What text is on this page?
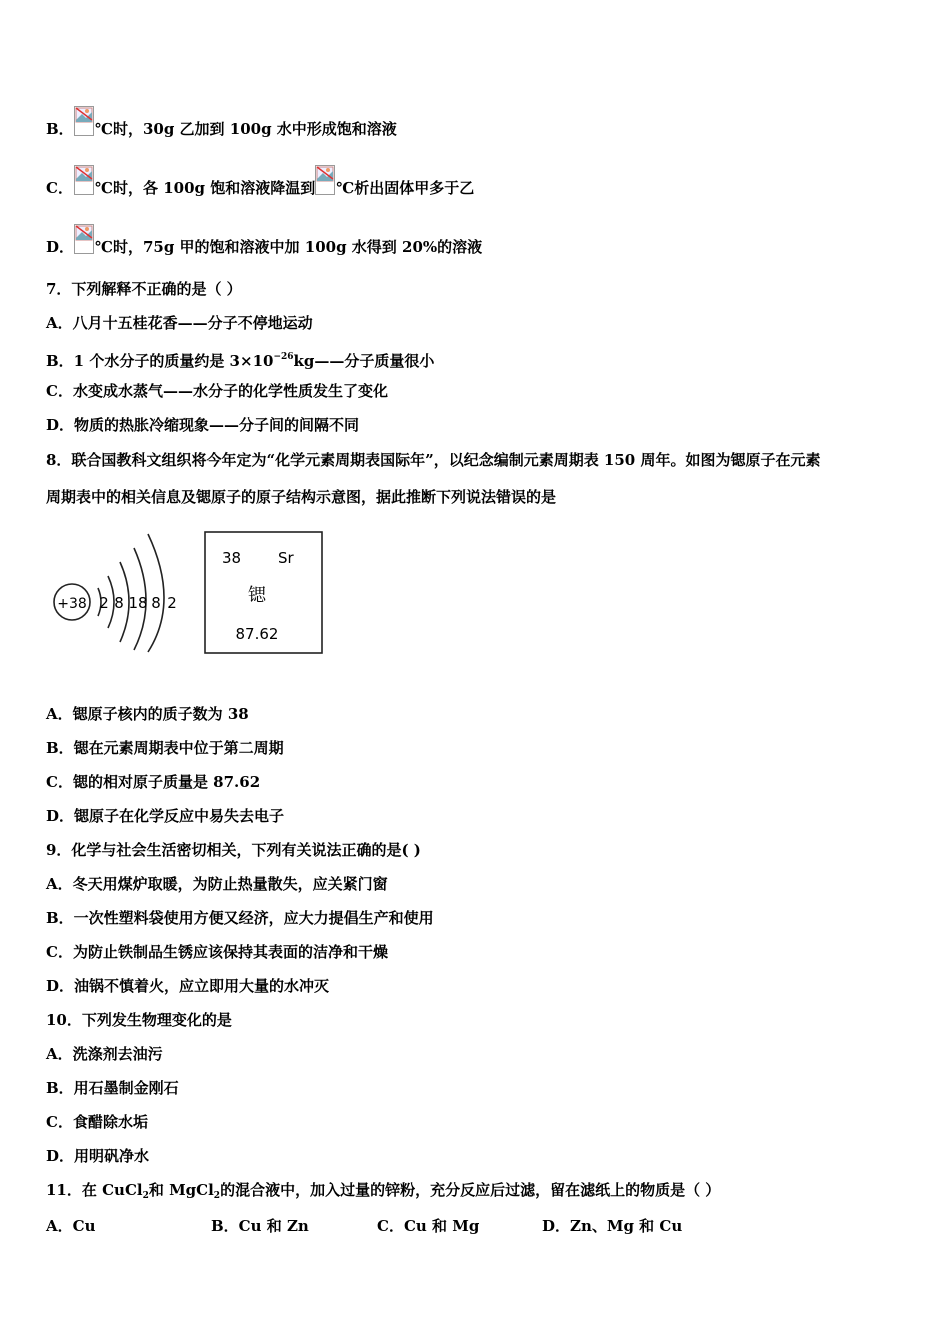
B． ℃时，30g 乙加到 100g 水中形成饱和溶液
C． ℃时，各 100g 饱和溶液降温到 ℃析出固体甲多于乙
D． ℃时，75g 甲的饱和溶液中加 100g 水得到 20%的溶液
7．下列解释不正确的是（ ）
A．八月十五桂花香——分子不停地运动
B．1 个水分子的质量约是 $3\times 10^{-26}kg——$分子质量很小
C．水变成水蒸气——水分子的化学性质发生了变化
D．物质的热胀冷缩现象——分子间的间隔不同
8．联合国教科文组织将今年定为“化学元素周期表国际年”，以纪念编制元素周期表 150 周年。如图为锶原子在元素
周期表中的相关信息及锶原子的原子结构示意图，据此推断下列说法错误的是
+38 2 8 18 8 2
38 Sr
锶
87.62
A．锶原子核内的质子数为 38
B．锶在元素周期表中位于第二周期
C．锶的相对原子质量是 87.62
D．锶原子在化学反应中易失去电子
9．化学与社会生活密切相关，下列有关说法正确的是( )
A．冬天用煤炉取暖，为防止热量散失，应关紧门窗
B．一次性塑料袋使用方便又经济，应大力提倡生产和使用
C．为防止铁制品生锈应该保持其表面的洁净和干燥
D．油锅不慎着火，应立即用大量的水冲灭
10．下列发生物理变化的是
A．洗涤剂去油污
B．用石墨制金刚石
C．食醋除水垢
D．用明矾净水
11．在 CuCl$_2$和 MgCl$_2$的混合液中，加入过量的锌粉，充分反应后过滤，留在滤纸上的物质是（ ）
A．Cu	B．Cu 和 Zn	C．Cu 和 Mg	D．Zn、Mg 和 Cu
